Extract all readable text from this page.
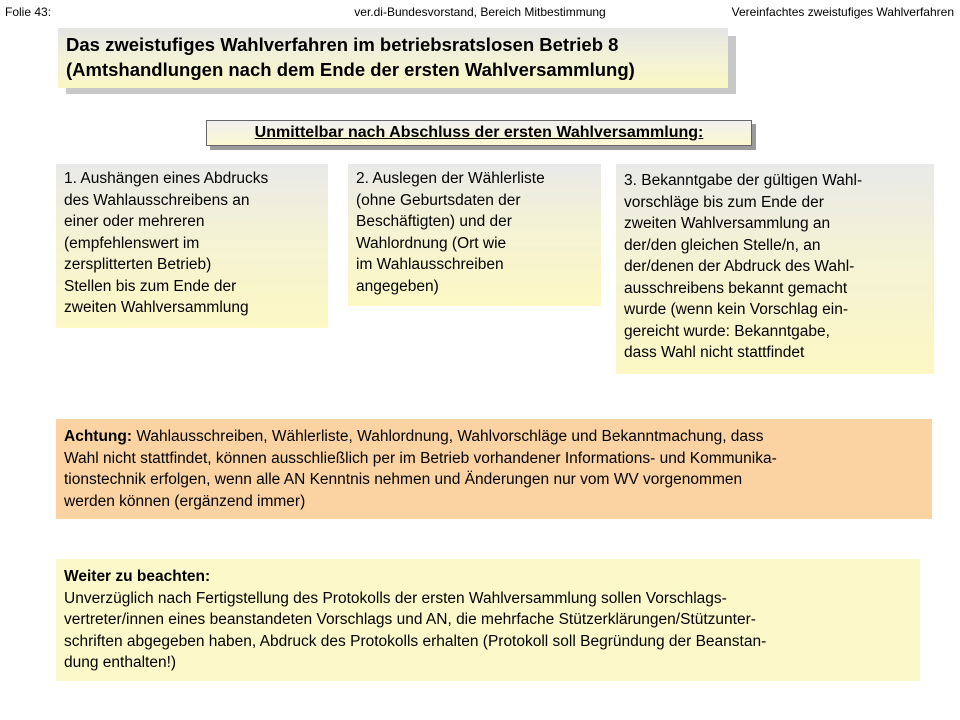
ver.di-Bundesvorstand, Bereich Mitbestimmung
Folie 43:	Vereinfachtes zweistufiges Wahlverfahren
Das zweistufiges Wahlverfahren im betriebsratslosen Betrieb 8
(Amtshandlungen nach dem Ende der ersten Wahlversammlung)
Unmittelbar nach Abschluss der ersten Wahlversammlung:
1. Aushängen eines Abdrucks
des Wahlausschreibens an
einer oder mehreren
(empfehlenswert im
zersplitterten Betrieb)
Stellen bis zum Ende der
zweiten Wahlversammlung
2. Auslegen der Wählerliste
(ohne Geburtsdaten der
Beschäftigten) und der
Wahlordnung (Ort wie
im Wahlausschreiben
angegeben)
3. Bekanntgabe der gültigen Wahl-
vorschläge bis zum Ende der
zweiten Wahlversammlung an
der/den gleichen Stelle/n, an
der/denen der Abdruck des Wahl-
ausschreibens bekannt gemacht
wurde (wenn kein Vorschlag ein-
gereicht wurde: Bekanntgabe,
dass Wahl nicht stattfindet
Achtung: Wahlausschreiben, Wählerliste, Wahlordnung, Wahlvorschläge und Bekanntmachung, dass
Wahl nicht stattfindet, können ausschließlich per im Betrieb vorhandener Informations- und Kommunika-
tionstechnik erfolgen, wenn alle AN Kenntnis nehmen und Änderungen nur vom WV vorgenommen
werden können (ergänzend immer)
Weiter zu beachten:
Unverzüglich nach Fertigstellung des Protokolls der ersten Wahlversammlung sollen Vorschlags-
vertreter/innen eines beanstandeten Vorschlags und AN, die mehrfache Stützerklärungen/Stützunter-
schriften abgegeben haben, Abdruck des Protokolls erhalten (Protokoll soll Begründung der Beanstan-
dung enthalten!)
